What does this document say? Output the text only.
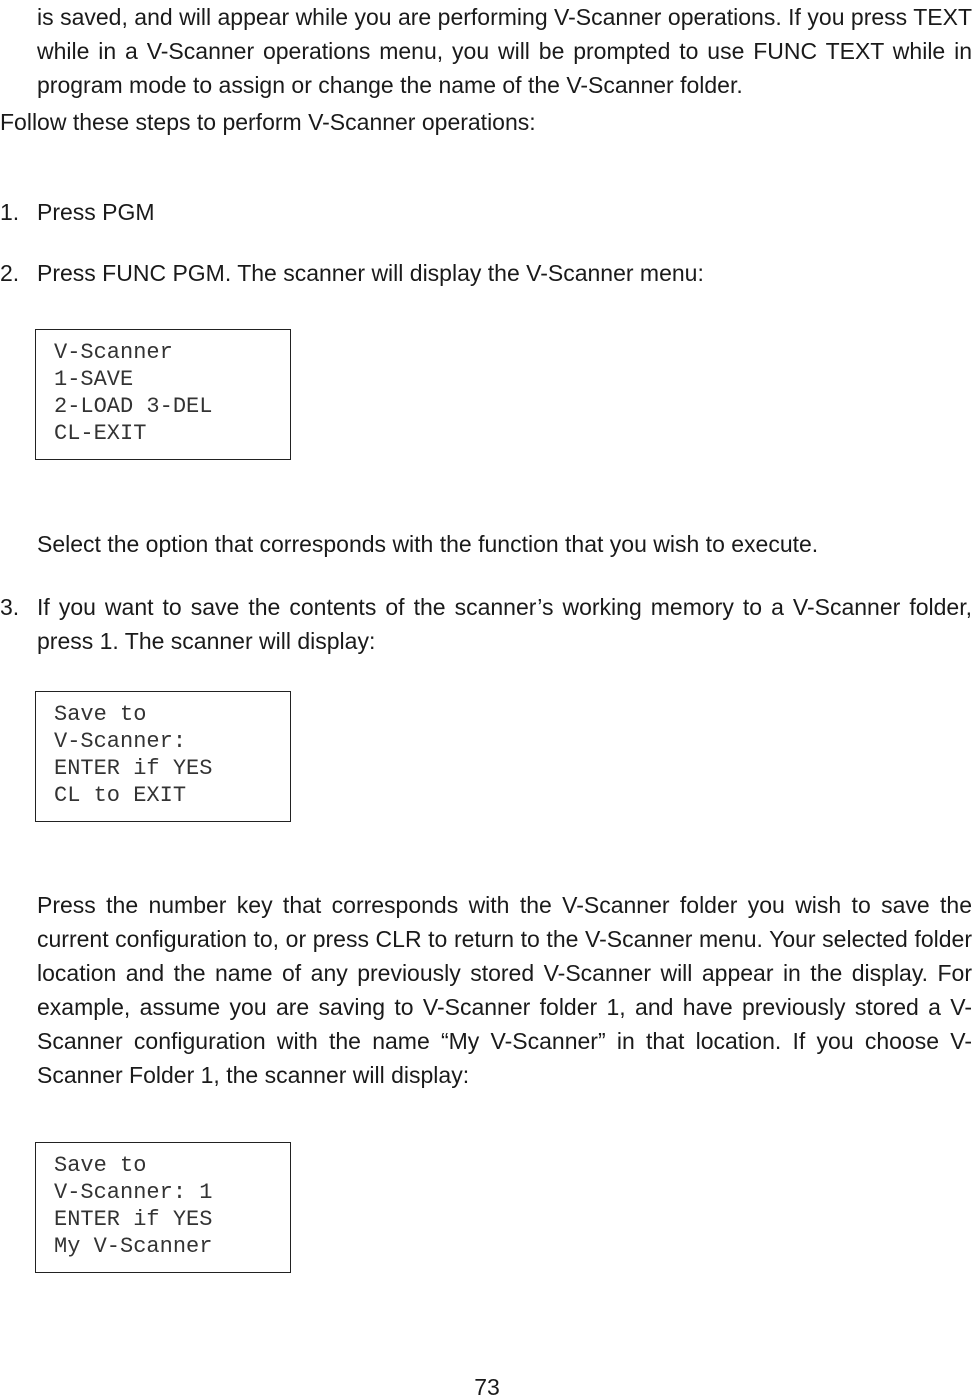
is saved, and will appear while you are performing V-Scanner operations. If you press TEXT while in a V-Scanner operations menu, you will be prompted to use FUNC TEXT while in program mode to assign or change the name of the V-Scanner folder.

Follow these steps to perform V-Scanner operations:

1. Press PGM

2. Press FUNC PGM. The scanner will display the V-Scanner menu:

V-Scanner
1-SAVE
2-LOAD 3-DEL
CL-EXIT

Select the option that corresponds with the function that you wish to execute.

3. If you want to save the contents of the scanner’s working memory to a V-Scanner folder, press 1. The scanner will display:

Save to
V-Scanner:
ENTER if YES
CL to EXIT

Press the number key that corresponds with the V-Scanner folder you wish to save the current configuration to, or press CLR to return to the V-Scanner menu. Your selected folder location and the name of any previously stored V-Scanner will appear in the display. For example, assume you are saving to V-Scanner folder 1, and have previously stored a V-Scanner configuration with the name “My V-Scanner” in that location. If you choose V-Scanner Folder 1, the scanner will display:

Save to
V-Scanner: 1
ENTER if YES
My V-Scanner
73
